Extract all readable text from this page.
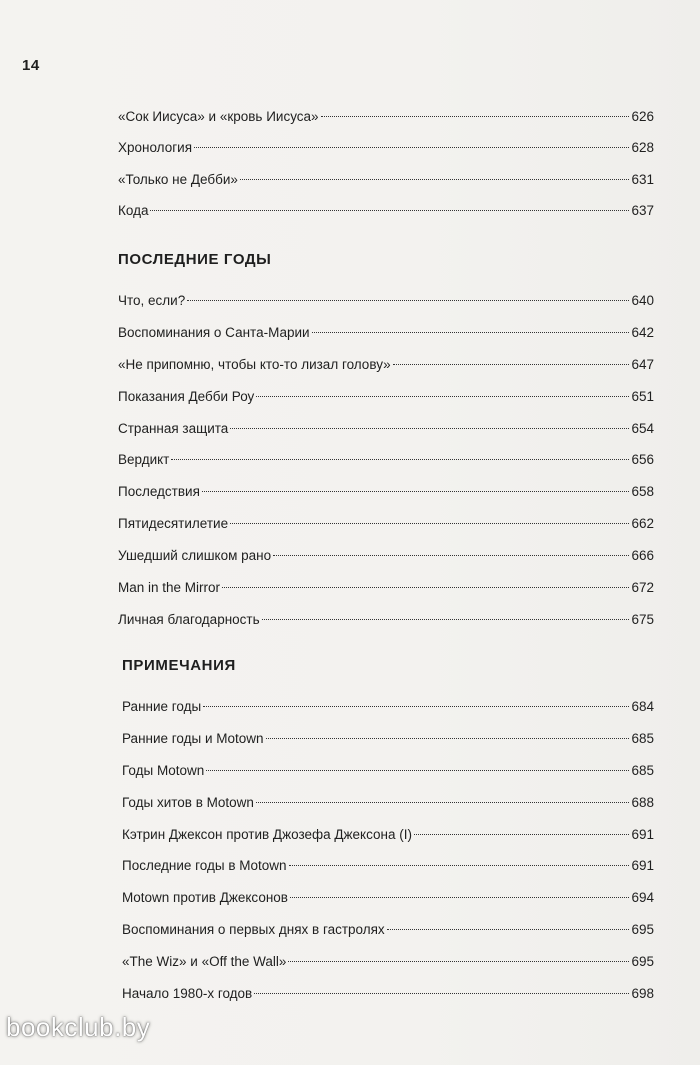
14
«Сок Иисуса» и «кровь Иисуса»	626
Хронология	628
«Только не Дебби»	631
Кода	637
ПОСЛЕДНИЕ ГОДЫ
Что, если?	640
Воспоминания о Санта-Марии	642
«Не припомню, чтобы кто-то лизал голову»	647
Показания Дебби Роу	651
Странная защита	654
Вердикт	656
Последствия	658
Пятидесятилетие	662
Ушедший слишком рано	666
Man in the Mirror	672
Личная благодарность	675
ПРИМЕЧАНИЯ
Ранние годы	684
Ранние годы и Motown	685
Годы Motown	685
Годы хитов в Motown	688
Кэтрин Джексон против Джозефа Джексона (I)	691
Последние годы в Motown	691
Motown против Джексонов	694
Воспоминания о первых днях в гастролях	695
«The Wiz» и «Off the Wall»	695
Начало 1980-х годов	698
bookclub.by
